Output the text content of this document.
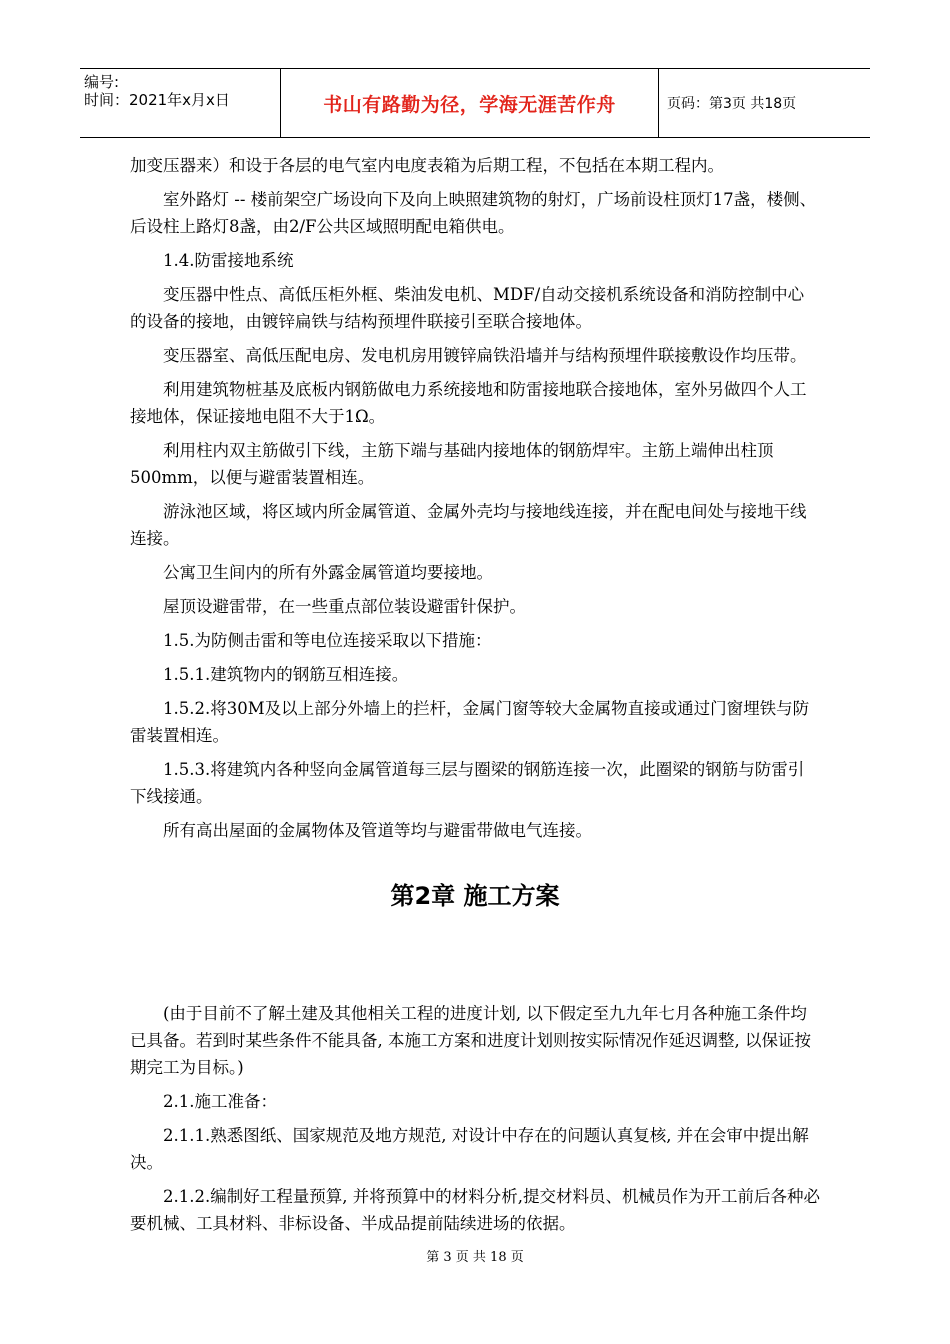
编号:
时间：2021年x月x日	书山有路勤为径，学海无涯苦作舟	页码：第3页 共18页

加变压器来）和设于各层的电气室内电度表箱为后期工程，不包括在本期工程内。

室外路灯 -- 楼前架空广场设向下及向上映照建筑物的射灯，广场前设柱顶灯17盏，楼侧、后设柱上路灯8盏，由2/F公共区域照明配电箱供电。

1.4.防雷接地系统

变压器中性点、高低压柜外框、柴油发电机、MDF/自动交接机系统设备和消防控制中心的设备的接地，由镀锌扁铁与结构预埋件联接引至联合接地体。

变压器室、高低压配电房、发电机房用镀锌扁铁沿墙并与结构预埋件联接敷设作均压带。

利用建筑物桩基及底板内钢筋做电力系统接地和防雷接地联合接地体，室外另做四个人工接地体，保证接地电阻不大于1Ω。

利用柱内双主筋做引下线，主筋下端与基础内接地体的钢筋焊牢。主筋上端伸出柱顶500mm，以便与避雷装置相连。

游泳池区域，将区域内所金属管道、金属外壳均与接地线连接，并在配电间处与接地干线连接。

公寓卫生间内的所有外露金属管道均要接地。

屋顶设避雷带，在一些重点部位装设避雷针保护。

1.5.为防侧击雷和等电位连接采取以下措施：

1.5.1.建筑物内的钢筋互相连接。

1.5.2.将30M及以上部分外墙上的拦杆，金属门窗等较大金属物直接或通过门窗埋铁与防雷装置相连。

1.5.3.将建筑内各种竖向金属管道每三层与圈梁的钢筋连接一次，此圈梁的钢筋与防雷引下线接通。

所有高出屋面的金属物体及管道等均与避雷带做电气连接。

第2章 施工方案

(由于目前不了解土建及其他相关工程的进度计划, 以下假定至九九年七月各种施工条件均已具备。若到时某些条件不能具备, 本施工方案和进度计划则按实际情况作延迟调整, 以保证按期完工为目标。)

2.1.施工准备：

2.1.1.熟悉图纸、国家规范及地方规范, 对设计中存在的问题认真复核, 并在会审中提出解决。

2.1.2.编制好工程量预算, 并将预算中的材料分析,提交材料员、机械员作为开工前后各种必要机械、工具材料、非标设备、半成品提前陆续进场的依据。

第 3 页 共 18 页
